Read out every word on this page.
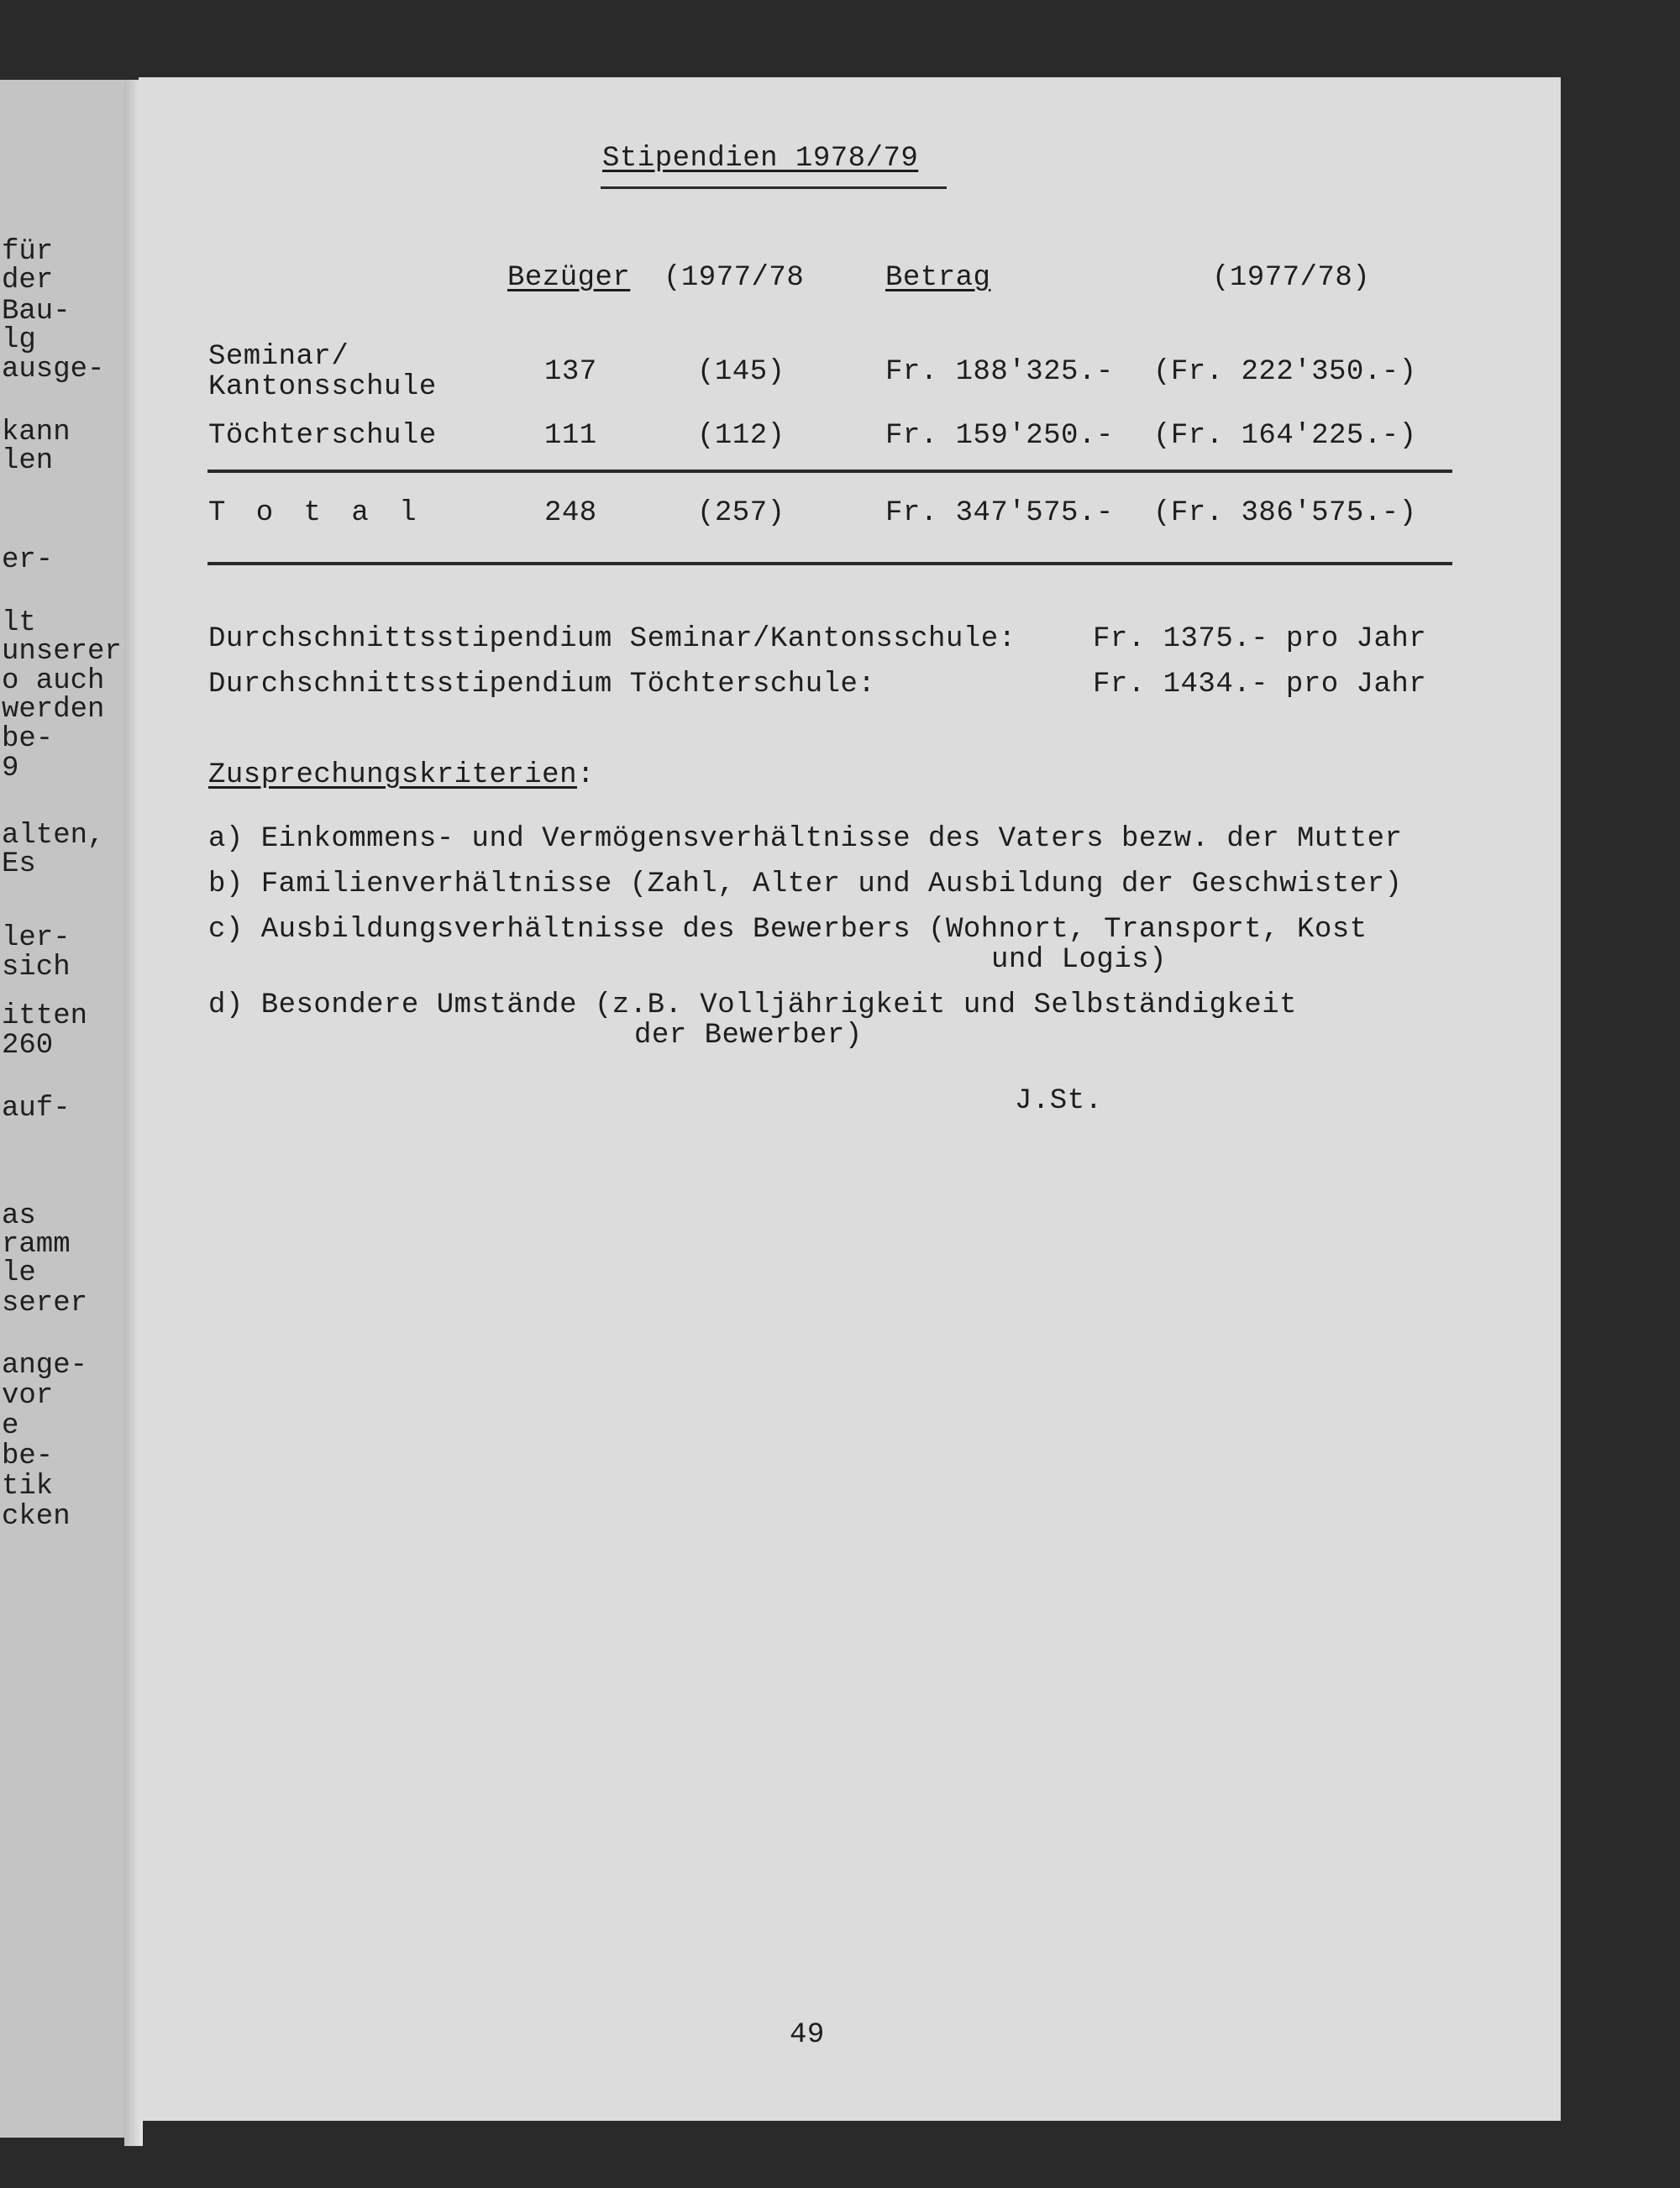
für
der
Bau-
lg
ausge-
kann
len
er-
lt
unserer
o auch
werden
be-
9
alten,
Es
ler-
sich
itten
260
auf-
as
ramm
le
serer
ange-
vor
e
be-
tik
cken
Stipendien 1978/79
Bezüger (1977/78	Betrag	(1977/78)
Seminar/
Kantonsschule	137	(145)	Fr. 188'325.- (Fr. 222'350.-)
Töchterschule	111	(112)	Fr. 159'250.- (Fr. 164'225.-)
T o t a l	248	(257)	Fr. 347'575.- (Fr. 386'575.-)
Durchschnittsstipendium Seminar/Kantonsschule:	Fr. 1375.- pro Jahr
Durchschnittsstipendium Töchterschule:	Fr. 1434.- pro Jahr
Zusprechungskriterien:
a) Einkommens- und Vermögensverhältnisse des Vaters bezw. der Mutter
b) Familienverhältnisse (Zahl, Alter und Ausbildung der Geschwister)
c) Ausbildungsverhältnisse des Bewerbers (Wohnort, Transport, Kost
und Logis)
d) Besondere Umstände (z.B. Volljährigkeit und Selbständigkeit
der Bewerber)
J.St.
49
